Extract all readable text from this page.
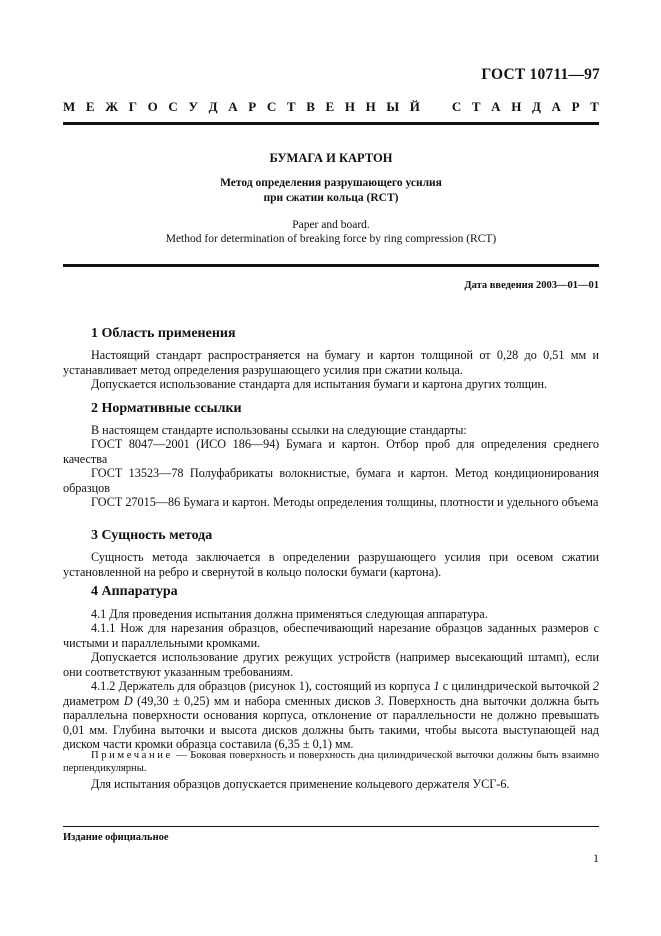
ГОСТ 10711—97
М Е Ж Г О С У Д А Р С Т В Е Н Н Ы Й С Т А Н Д А Р Т
БУМАГА И КАРТОН
Метод определения разрушающего усилия
при сжатии кольца (RCT)
Paper and board.
Method for determination of breaking force by ring compression (RCT)
Дата введения 2003—01—01
1 Область применения

Настоящий стандарт распространяется на бумагу и картон толщиной от 0,28 до 0,51 мм и устанавливает метод определения разрушающего усилия при сжатии кольца.

Допускается использование стандарта для испытания бумаги и картона других толщин.

2 Нормативные ссылки

В настоящем стандарте использованы ссылки на следующие стандарты:

ГОСТ 8047—2001 (ИСО 186—94) Бумага и картон. Отбор проб для определения среднего качества

ГОСТ 13523—78 Полуфабрикаты волокнистые, бумага и картон. Метод кондиционирования образцов

ГОСТ 27015—86 Бумага и картон. Методы определения толщины, плотности и удельного объема

3 Сущность метода

Сущность метода заключается в определении разрушающего усилия при осевом сжатии установленной на ребро и свернутой в кольцо полоски бумаги (картона).

4 Аппаратура

4.1 Для проведения испытания должна применяться следующая аппаратура.

4.1.1 Нож для нарезания образцов, обеспечивающий нарезание образцов заданных размеров с чистыми и параллельными кромками.

Допускается использование других режущих устройств (например высекающий штамп), если они соответствуют указанным требованиям.

4.1.2 Держатель для образцов (рисунок 1), состоящий из корпуса 1 с цилиндрической выточкой 2 диаметром D (49,30 ± 0,25) мм и набора сменных дисков 3. Поверхность дна выточки должна быть параллельна поверхности основания корпуса, отклонение от параллельности не должно превышать 0,01 мм. Глубина выточки и высота дисков должны быть такими, чтобы высота выступающей над диском части кромки образца составила (6,35 ± 0,1) мм.

Примечание — Боковая поверхность и поверхность дна цилиндрической выточки должны быть взаимно перпендикулярны.

Для испытания образцов допускается применение кольцевого держателя УСГ-6.

Издание официальное
1
